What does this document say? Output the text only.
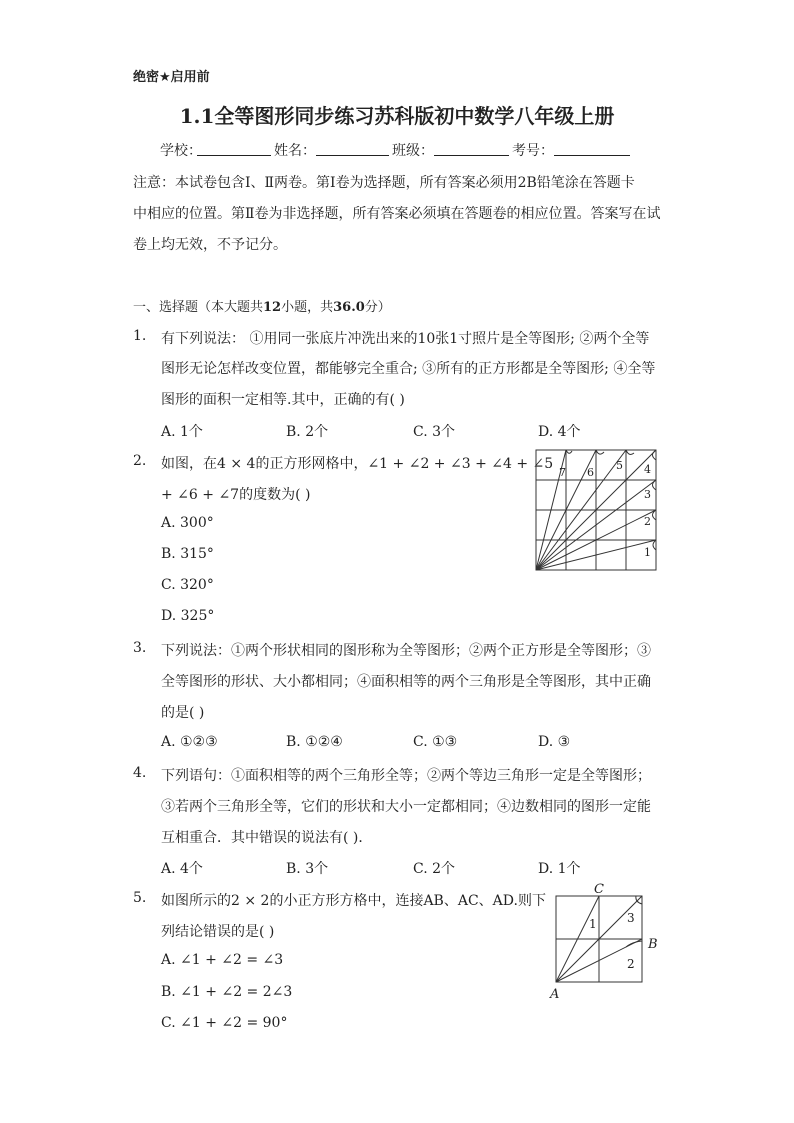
绝密★启用前
1.1全等图形同步练习苏科版初中数学八年级上册
学校：	姓名：	班级：	考号：
注意：本试卷包含Ⅰ、Ⅱ两卷。第Ⅰ卷为选择题，所有答案必须用2B铅笔涂在答题卡
中相应的位置。第Ⅱ卷为非选择题，所有答案必须填在答题卷的相应位置。答案写在试
卷上均无效，不予记分。
一、选择题（本大题共12小题，共36.0分）
1. 有下列说法： ①用同一张底片冲洗出来的10张1寸照片是全等图形; ②两个全等
图形无论怎样改变位置，都能够完全重合; ③所有的正方形都是全等图形; ④全等
图形的面积一定相等.其中，正确的有( )
A. 1个	B. 2个	C. 3个	D. 4个
2. 如图，在4 × 4的正方形网格中，∠1 + ∠2 + ∠3 + ∠4 + ∠5
+ ∠6 + ∠7的度数为( )
A. 300°
B. 315°
C. 320°
D. 325°
1
2
3
4
5
6
7
3. 下列说法：①两个形状相同的图形称为全等图形；②两个正方形是全等图形；③
全等图形的形状、大小都相同；④面积相等的两个三角形是全等图形，其中正确
的是( )
A. ①②③	B. ①②④	C. ①③	D. ③
4. 下列语句：①面积相等的两个三角形全等；②两个等边三角形一定是全等图形；
③若两个三角形全等，它们的形状和大小一定都相同；④边数相同的图形一定能
互相重合．其中错误的说法有( )．
A. 4个	B. 3个	C. 2个	D. 1个
5. 如图所示的2 × 2的小正方形方格中，连接AB、AC、AD.则下
列结论错误的是( )
A. ∠1 + ∠2 = ∠3
B. ∠1 + ∠2 = 2∠3
C. ∠1 + ∠2 = 90°
A
B
C
1
2
3
